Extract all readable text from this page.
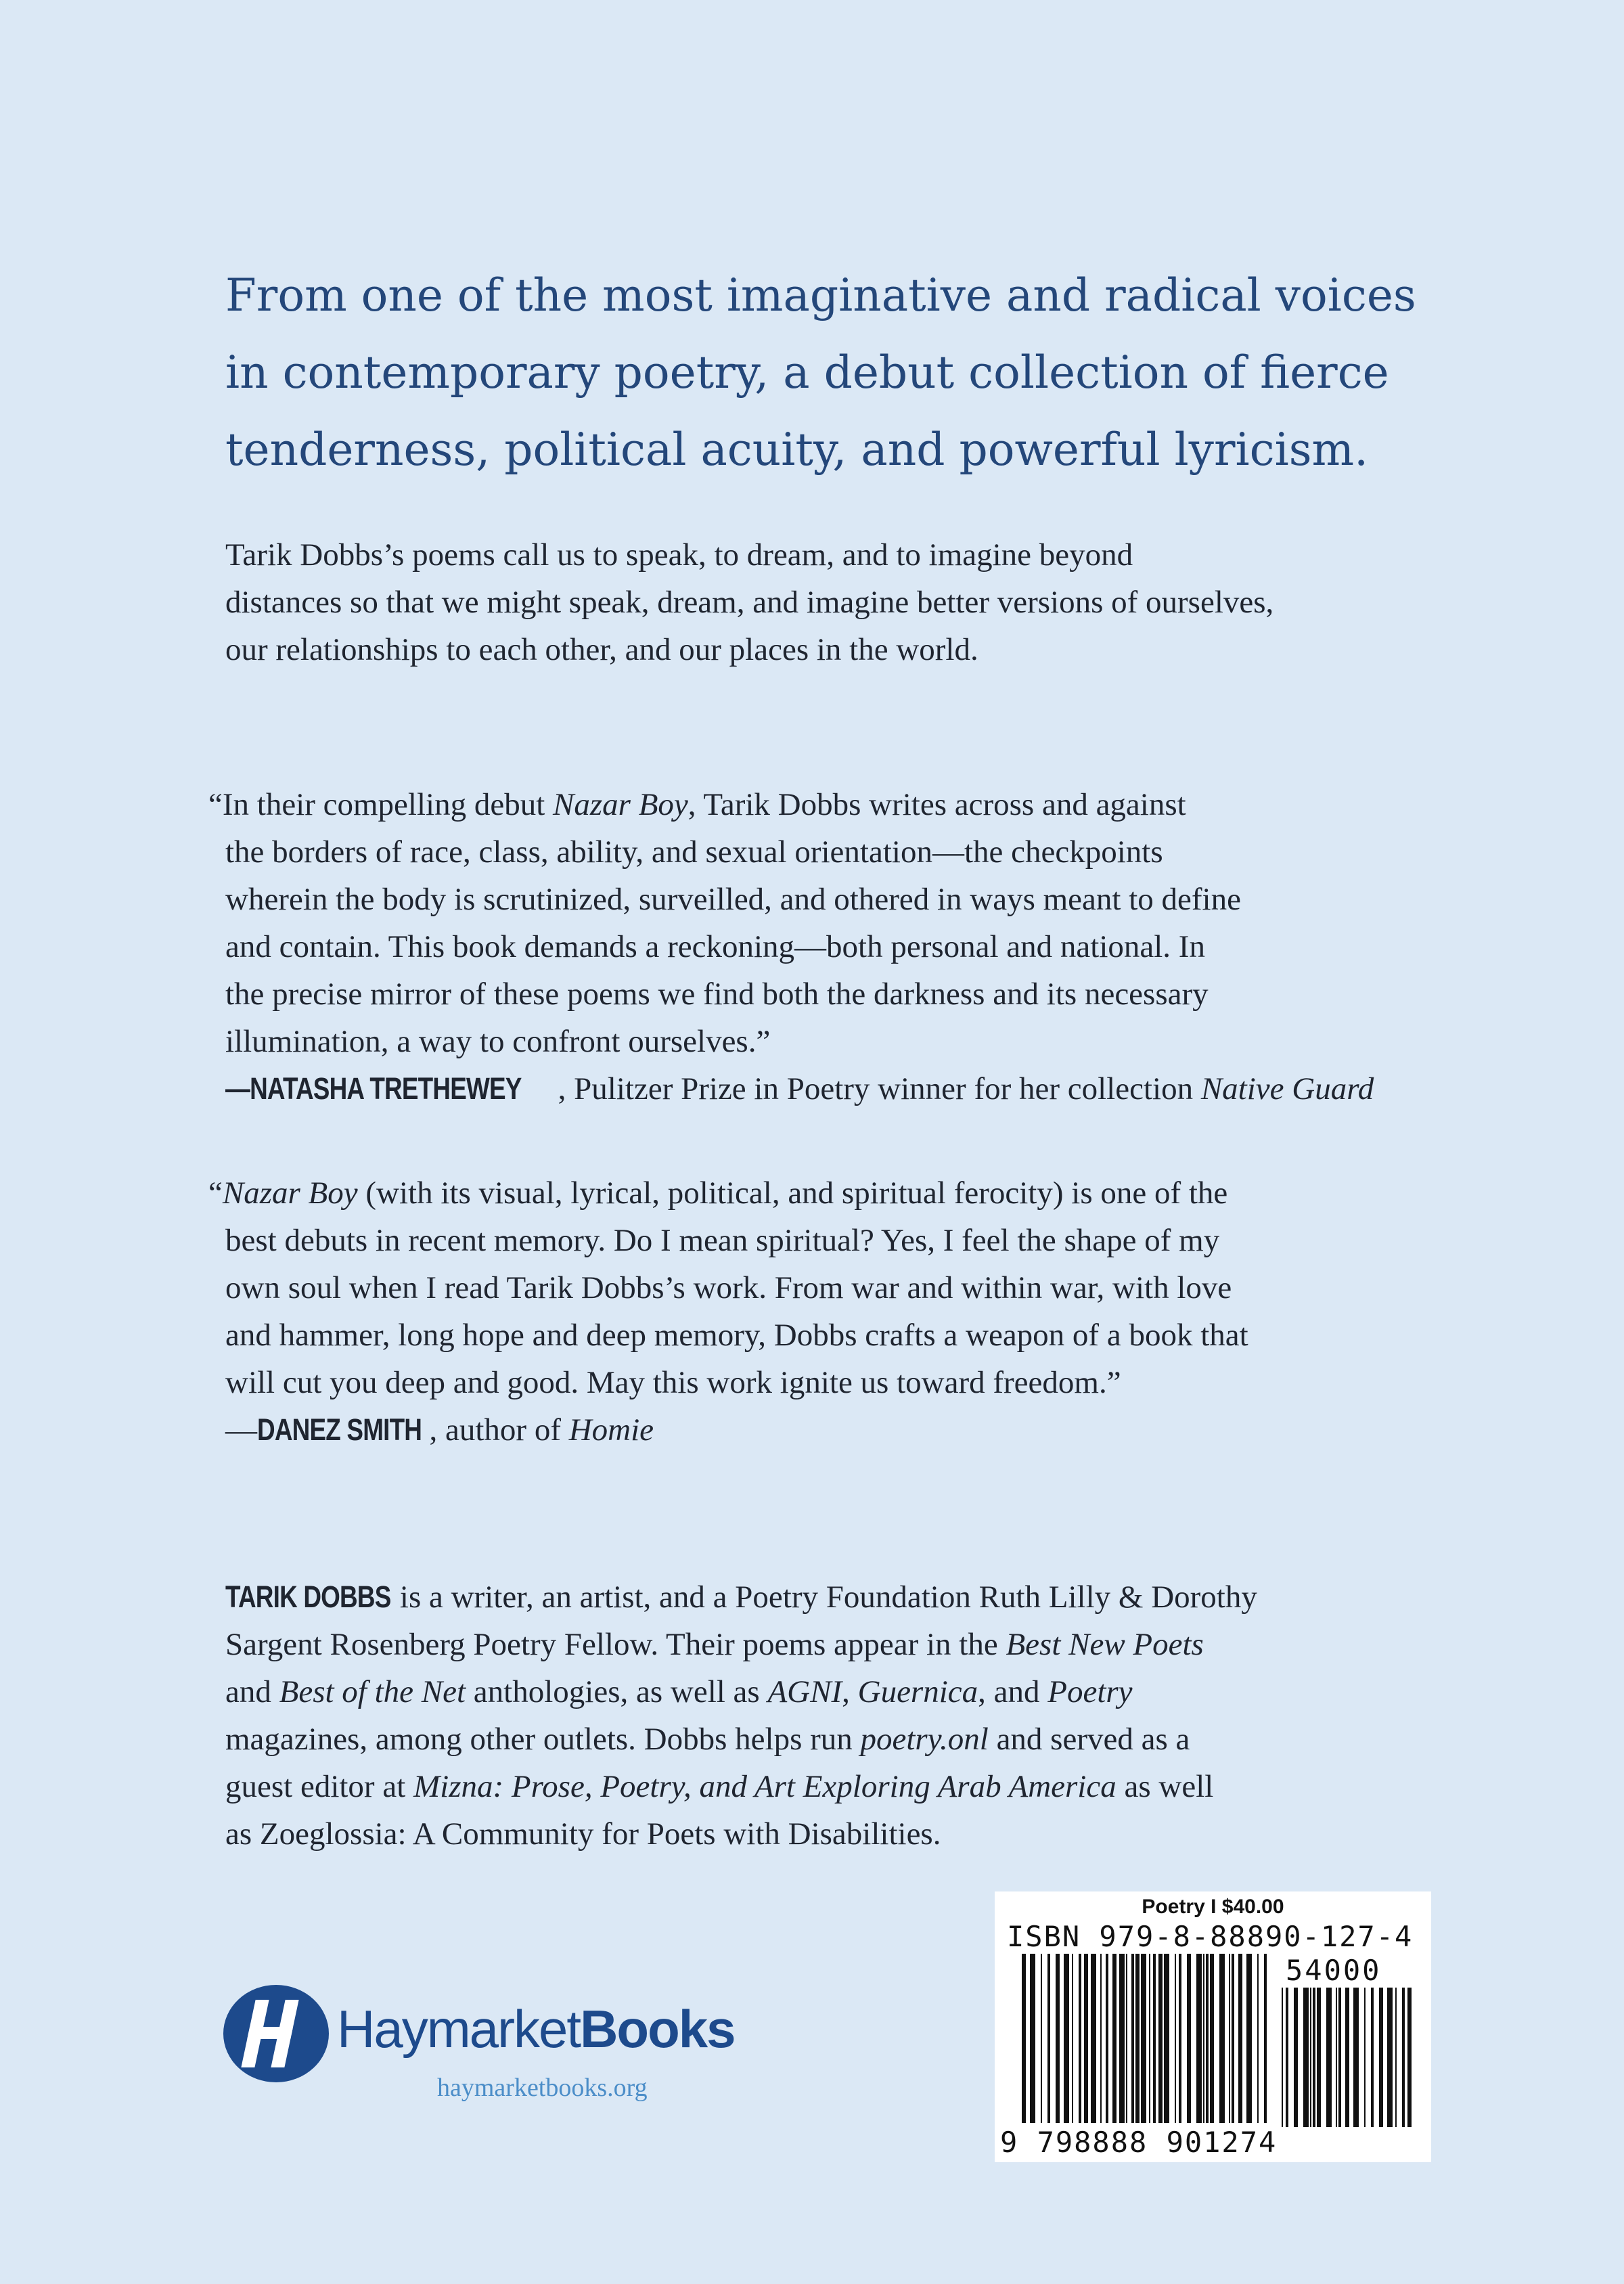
From one of the most imaginative and radical voices
in contemporary poetry, a debut collection of fierce
tenderness, political acuity, and powerful lyricism.
Tarik Dobbs’s poems call us to speak, to dream, and to imagine beyond
distances so that we might speak, dream, and imagine better versions of ourselves,
our relationships to each other, and our places in the world.
“In their compelling debut Nazar Boy, Tarik Dobbs writes across and against
the borders of race, class, ability, and sexual orientation—the checkpoints
wherein the body is scrutinized, surveilled, and othered in ways meant to define
and contain. This book demands a reckoning—both personal and national. In
the precise mirror of these poems we find both the darkness and its necessary
illumination, a way to confront ourselves.”
—NATASHA TRETHEWEY , Pulitzer Prize in Poetry winner for her collection Native Guard
“Nazar Boy (with its visual, lyrical, political, and spiritual ferocity) is one of the
best debuts in recent memory. Do I mean spiritual? Yes, I feel the shape of my
own soul when I read Tarik Dobbs’s work. From war and within war, with love
and hammer, long hope and deep memory, Dobbs crafts a weapon of a book that
will cut you deep and good. May this work ignite us toward freedom.”
—DANEZ SMITH , author of Homie
TARIK DOBBS is a writer, an artist, and a Poetry Foundation Ruth Lilly & Dorothy
Sargent Rosenberg Poetry Fellow. Their poems appear in the Best New Poets
and Best of the Net anthologies, as well as AGNI, Guernica, and Poetry
magazines, among other outlets. Dobbs helps run poetry.onl and served as a
guest editor at Mizna: Prose, Poetry, and Art Exploring Arab America as well
as Zoeglossia: A Community for Poets with Disabilities.
HaymarketBooks
haymarketbooks.org
Poetry I $40.00
ISBN 979-8-88890-127-4
54000
9 798888 901274
